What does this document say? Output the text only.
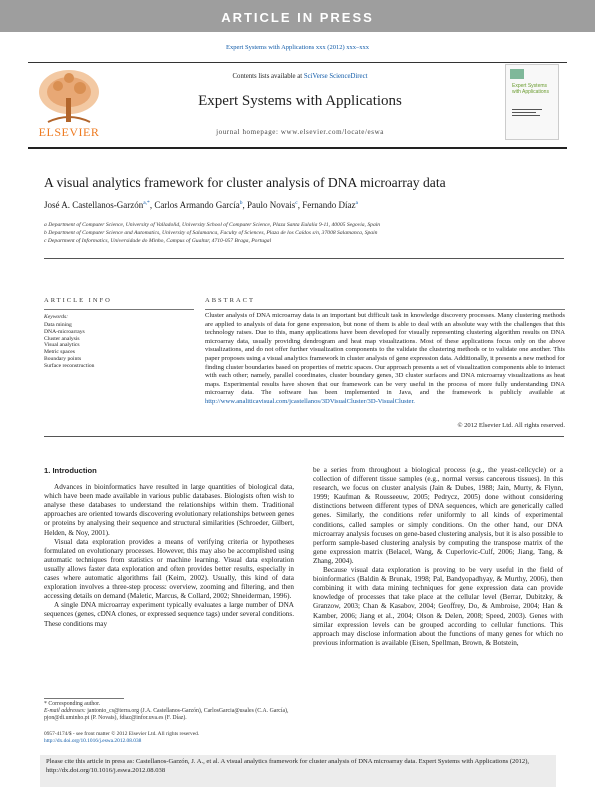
ARTICLE IN PRESS
Expert Systems with Applications xxx (2012) xxx–xxx
ELSEVIER
Contents lists available at SciVerse ScienceDirect
Expert Systems with Applications
journal homepage: www.elsevier.com/locate/eswa
Expert Systems with Applications
A visual analytics framework for cluster analysis of DNA microarray data
José A. Castellanos-Garzón$^{a,*}$, Carlos Armando García$^b$, Paulo Novais$^c$, Fernando Díaz$^a$
a Department of Computer Science, University of Valladolid, University School of Computer Science, Plaza Santa Eulalia 9-11, 40005 Segovia, Spain
b Department of Computer Science and Automatics, University of Salamanca, Faculty of Sciences, Plaza de los Caídos s/n, 37008 Salamanca, Spain
c Department of Informatics, Universidade do Minho, Campus of Gualtar, 4710-057 Braga, Portugal
ARTICLE INFO
Keywords:
Data mining
DNA-microarrays
Cluster analysis
Visual analytics
Metric spaces
Boundary points
Surface reconstruction
ABSTRACT
Cluster analysis of DNA microarray data is an important but difficult task in knowledge discovery processes. Many clustering methods are applied to analysis of data for gene expression, but none of them is able to deal with an absolute way with the challenges that this technology raises. Due to this, many applications have been developed for visually representing clustering algorithm results on DNA microarray data, usually providing dendrogram and heat map visualizations. Most of these applications focus only on the above visualizations, and do not offer further visualization components to the validate the clustering methods or to validate one another. This paper proposes using a visual analytics framework in cluster analysis of gene expression data. Additionally, it presents a new method for finding cluster boundaries based on properties of metric spaces. Our approach presents a set of visualization components able to interact with each other; namely, parallel coordinates, cluster boundary genes, 3D cluster surfaces and DNA microarray visualizations as heat maps. Experimental results have shown that our framework can be very useful in the process of more fully understanding DNA microarray data. The software has been implemented in Java, and the framework is publicly available at http://www.analiticavisual.com/jcastellanos/3DVisualCluster/3D-VisualCluster.
© 2012 Elsevier Ltd. All rights reserved.
1. Introduction

Advances in bioinformatics have resulted in large quantities of biological data, which have been made available in various public databases. Biologists often wish to analyse these databases to understand the relationships within them. Traditional approaches are oriented towards discovering evolutionary relationships between genes or proteins by analysing their sequence and structural similarities (Schroeder, Gilbert, Helden, & Noy, 2001).

Visual data exploration provides a means of verifying criteria or hypotheses formulated on evolutionary processes. However, this may also be accomplished using automatic techniques from statistics or machine learning. Visual data exploration usually allows faster data exploration and often provides better results, especially in cases where automatic algorithms fail (Keim, 2002). Usually, this kind of data exploration involves a three-step process: overview, zooming and filtering, and then accessing details on demand (Maletic, Marcus, & Collard, 2002; Shneiderman, 1996).

A single DNA microarray experiment typically evaluates a large number of DNA sequences (genes, cDNA clones, or expressed sequence tags) under several conditions. These conditions may

* Corresponding author.
E-mail addresses: jantonio_cs@terra.org (J.A. Castellanos-Garzón), CarlosGarcia@usales (C.A. García), pjon@di.uminho.pt (P. Novais), fdiaz@infor.uva.es (F. Díaz).
0957-4174/$ - see front matter © 2012 Elsevier Ltd. All rights reserved.
http://dx.doi.org/10.1016/j.eswa.2012.08.038

be a series from throughout a biological process (e.g., the yeast-cellcycle) or a collection of different tissue samples (e.g., normal versus cancerous tissues). In this research, we focus on cluster analysis (Jain & Dubes, 1988; Jain, Murty, & Flynn, 1999; Kaufman & Rousseeuw, 2005; Pedrycz, 2005) done without considering distinctions between different types of DNA sequences, which are generically called genes. Similarly, the conditions refer uniformly to all kinds of experimental conditions, called samples or simply conditions. On the other hand, our DNA microarray analysis focuses on gene-based clustering analysis, but it is also possible to perform sample-based clustering analysis by computing the transpose matrix of the gene expression matrix (Belacel, Wang, & Cuperlovic-Culf, 2006; Jiang, Tang, & Zhang, 2004).

Because visual data exploration is proving to be very useful in the field of bioinformatics (Baldin & Brunak, 1998; Pal, Bandyopadhyay, & Murthy, 2006), then combining it with data mining techniques for gene expression data can provide knowledge of processes that take place at the cellular level (Berrar, Dubitzky, & Granzow, 2003; Chan & Kasabov, 2004; Geoffrey, Do, & Ambroise, 2004; Han & Kamber, 2006; Jiang et al., 2004; Olson & Delen, 2008; Speed, 2003). Genes with similar expression levels can be grouped according to cellular functions. This approach may disclose information about the functions of many genes for which no previous information is available (Eisen, Spellman, Brown, & Botstein,

Please cite this article in press as: Castellanos-Garzón, J. A., et al. A visual analytics framework for cluster analysis of DNA microarray data. Expert Systems with Applications (2012), http://dx.doi.org/10.1016/j.eswa.2012.08.038
